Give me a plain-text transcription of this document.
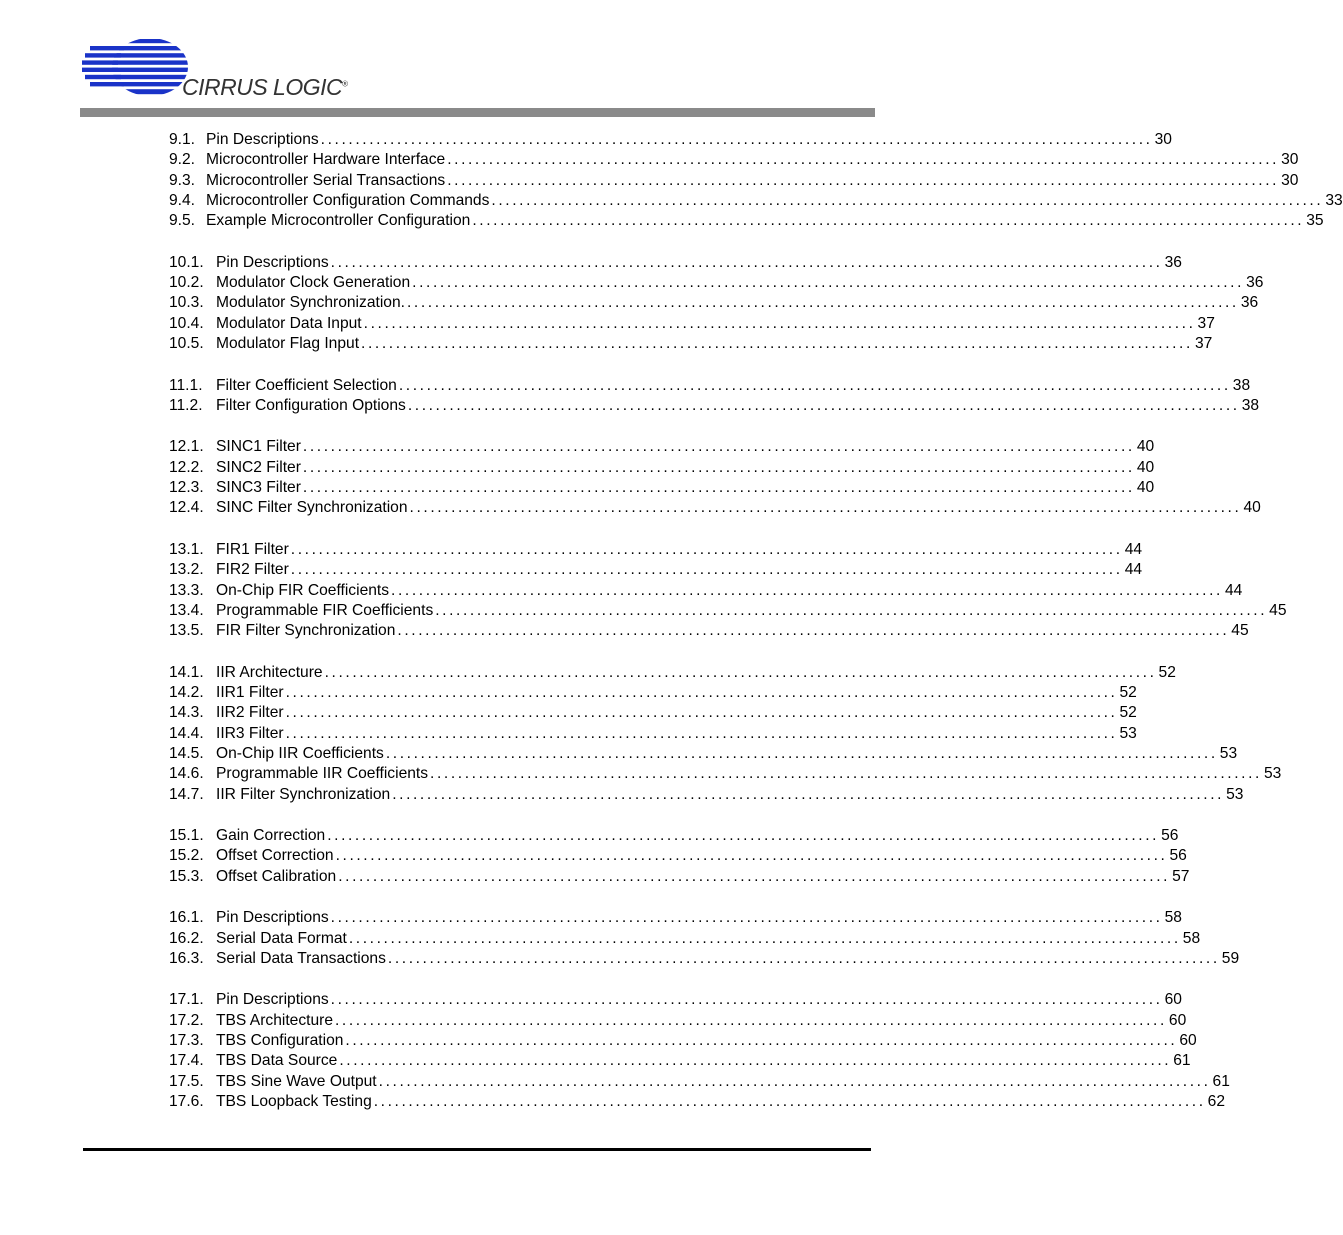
CIRRUS LOGIC®
9.1. Pin Descriptions ........................................................................................................................ 30
9.2. Microcontroller Hardware Interface ........................................................................................................................ 30
9.3. Microcontroller Serial Transactions ........................................................................................................................ 30
9.4. Microcontroller Configuration Commands ........................................................................................................................ 33
9.5. Example Microcontroller Configuration ........................................................................................................................ 35
10.1. Pin Descriptions ........................................................................................................................ 36
10.2. Modulator Clock Generation ........................................................................................................................ 36
10.3. Modulator Synchronization. ........................................................................................................................ 36
10.4. Modulator Data Input ........................................................................................................................ 37
10.5. Modulator Flag Input ........................................................................................................................ 37
11.1. Filter Coefficient Selection ........................................................................................................................ 38
11.2. Filter Configuration Options ........................................................................................................................ 38
12.1. SINC1 Filter ........................................................................................................................ 40
12.2. SINC2 Filter ........................................................................................................................ 40
12.3. SINC3 Filter ........................................................................................................................ 40
12.4. SINC Filter Synchronization ........................................................................................................................ 40
13.1. FIR1 Filter ........................................................................................................................ 44
13.2. FIR2 Filter ........................................................................................................................ 44
13.3. On-Chip FIR Coefficients ........................................................................................................................ 44
13.4. Programmable FIR Coefficients ........................................................................................................................ 45
13.5. FIR Filter Synchronization ........................................................................................................................ 45
14.1. IIR Architecture ........................................................................................................................ 52
14.2. IIR1 Filter ........................................................................................................................ 52
14.3. IIR2 Filter ........................................................................................................................ 52
14.4. IIR3 Filter ........................................................................................................................ 53
14.5. On-Chip IIR Coefficients ........................................................................................................................ 53
14.6. Programmable IIR Coefficients ........................................................................................................................ 53
14.7. IIR Filter Synchronization ........................................................................................................................ 53
15.1. Gain Correction ........................................................................................................................ 56
15.2. Offset Correction ........................................................................................................................ 56
15.3. Offset Calibration ........................................................................................................................ 57
16.1. Pin Descriptions ........................................................................................................................ 58
16.2. Serial Data Format ........................................................................................................................ 58
16.3. Serial Data Transactions ........................................................................................................................ 59
17.1. Pin Descriptions ........................................................................................................................ 60
17.2. TBS Architecture ........................................................................................................................ 60
17.3. TBS Configuration ........................................................................................................................ 60
17.4. TBS Data Source ........................................................................................................................ 61
17.5. TBS Sine Wave Output ........................................................................................................................ 61
17.6. TBS Loopback Testing ........................................................................................................................ 62
